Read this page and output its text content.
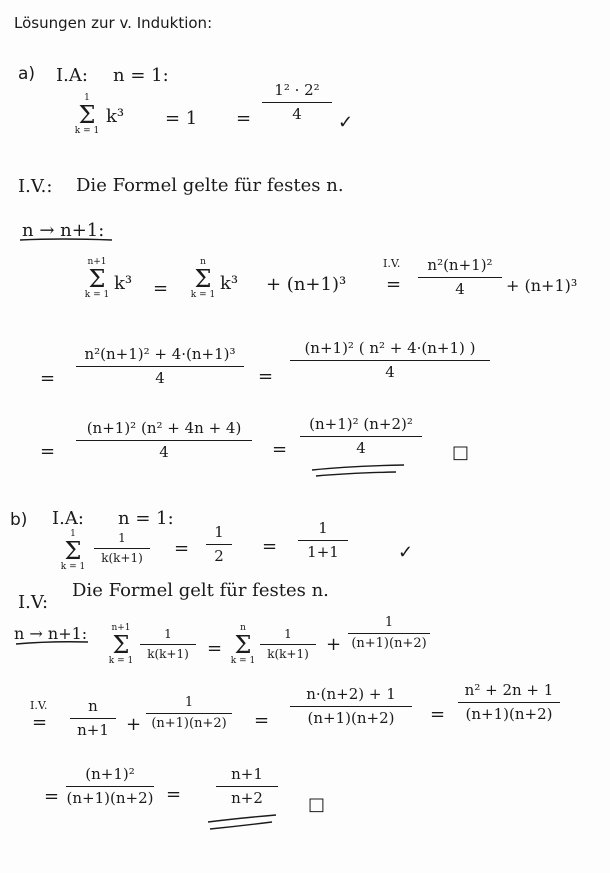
Lösungen zur v. Induktion:
a) I.A: n = 1:
1
Σ
k = 1
k³ = 1 =
1² · 2²
4	✓
I.V.: Die Formel gelte für festes n.
n → n+1:
n+1
Σ
k = 1
k³ =
n
Σ
k = 1
k³ + (n+1)³
I.V.
=
n²(n+1)²
4	+ (n+1)³
=
n²(n+1)² + 4·(n+1)³
4	=
(n+1)² ( n² + 4·(n+1) )
4
=
(n+1)² (n² + 4n + 4)
4	=
(n+1)² (n+2)²
4	□
b) I.A: n = 1:
1
Σ
k = 1
1
k(k+1)	=
1
2	=
1
1+1	✓
I.V:
Die Formel gelt für festes n.
n → n+1:	n+1
Σ
k = 1
1
k(k+1)	=
n
Σ
k = 1
1
k(k+1) +
1
(n+1)(n+2)
I.V.
=
n
n+1 +
1
(n+1)(n+2) =
n·(n+2) + 1
(n+1)(n+2)	=
n² + 2n + 1
(n+1)(n+2)
=
(n+1)²
(n+1)(n+2) =
n+1
n+2	□
